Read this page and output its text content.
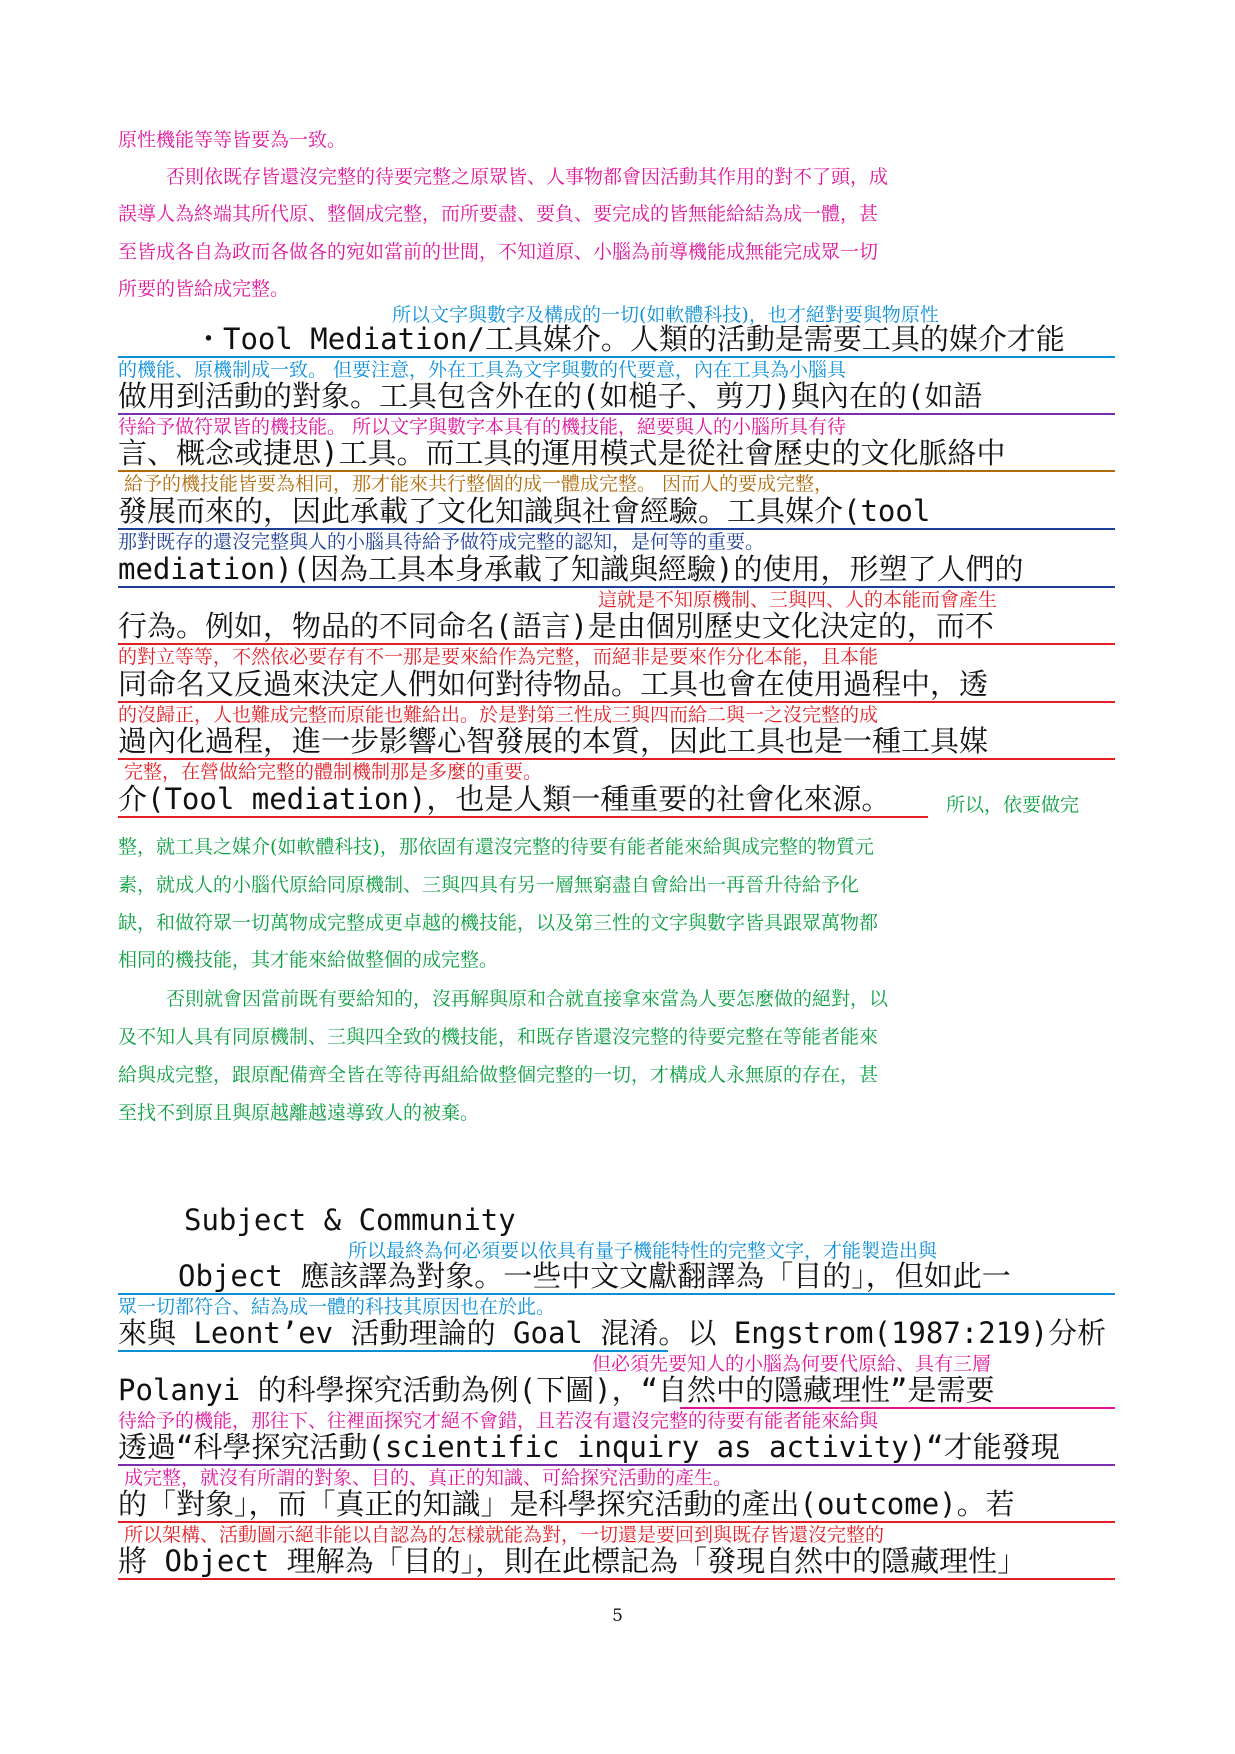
原性機能等等皆要為一致。
否則依既存皆還沒完整的待要完整之原眾皆、人事物都會因活動其作用的對不了頭，成
誤導人為終端其所代原、整個成完整，而所要盡、要負、要完成的皆無能給結為成一體，甚
至皆成各自為政而各做各的宛如當前的世間，不知道原、小腦為前導機能成無能完成眾一切
所要的皆給成完整。
所以文字與數字及構成的一切(如軟體科技)，也才絕對要與物原性
・Tool Mediation/工具媒介。人類的活動是需要工具的媒介才能
的機能、原機制成一致。 但要注意，外在工具為文字與數的代要意，內在工具為小腦具
做用到活動的對象。工具包含外在的(如槌子、剪刀)與內在的(如語
待給予做符眾皆的機技能。 所以文字與數字本具有的機技能，絕要與人的小腦所具有待
言、概念或捷思)工具。而工具的運用模式是從社會歷史的文化脈絡中
給予的機技能皆要為相同，那才能來共行整個的成一體成完整。 因而人的要成完整，
發展而來的，因此承載了文化知識與社會經驗。工具媒介(tool
那對既存的還沒完整與人的小腦具待給予做符成完整的認知，是何等的重要。
mediation)(因為工具本身承載了知識與經驗)的使用，形塑了人們的
這就是不知原機制、三與四、人的本能而會產生
行為。例如，物品的不同命名(語言)是由個別歷史文化決定的，而不
的對立等等，不然依必要存有不一那是要來給作為完整，而絕非是要來作分化本能，且本能
同命名又反過來決定人們如何對待物品。工具也會在使用過程中，透
的沒歸正，人也難成完整而原能也難給出。於是對第三性成三與四而給二與一之沒完整的成
過內化過程，進一步影響心智發展的本質，因此工具也是一種工具媒
完整，在營做給完整的體制機制那是多麼的重要。
介(Tool mediation)，也是人類一種重要的社會化來源。	所以，依要做完
整，就工具之媒介(如軟體科技)，那依固有還沒完整的待要有能者能來給與成完整的物質元
素，就成人的小腦代原給同原機制、三與四具有另一層無窮盡自會給出一再晉升待給予化
缺，和做符眾一切萬物成完整成更卓越的機技能，以及第三性的文字與數字皆具跟眾萬物都
相同的機技能，其才能來給做整個的成完整。
否則就會因當前既有要給知的，沒再解與原和合就直接拿來當為人要怎麼做的絕對，以
及不知人具有同原機制、三與四全致的機技能，和既存皆還沒完整的待要完整在等能者能來
給與成完整，跟原配備齊全皆在等待再組給做整個完整的一切，才構成人永無原的存在，甚
至找不到原且與原越離越遠導致人的被棄。
Subject & Community
所以最終為何必須要以依具有量子機能特性的完整文字，才能製造出與
Object 應該譯為對象。一些中文文獻翻譯為「目的」，但如此一
眾一切都符合、結為成一體的科技其原因也在於此。
來與 Leont’ev 活動理論的 Goal 混淆。以 Engstrom(1987:219)分析
但必須先要知人的小腦為何要代原給、具有三層
Polanyi 的科學探究活動為例(下圖)，“自然中的隱藏理性”是需要
待給予的機能，那往下、往裡面探究才絕不會錯，且若沒有還沒完整的待要有能者能來給與
透過“科學探究活動(scientific inquiry as activity)“才能發現
成完整，就沒有所謂的對象、目的、真正的知識、可給探究活動的產生。
的「對象」，而「真正的知識」是科學探究活動的產出(outcome)。若
所以架構、活動圖示絕非能以自認為的怎樣就能為對，一切還是要回到與既存皆還沒完整的
將 Object 理解為「目的」，則在此標記為「發現自然中的隱藏理性」
5
